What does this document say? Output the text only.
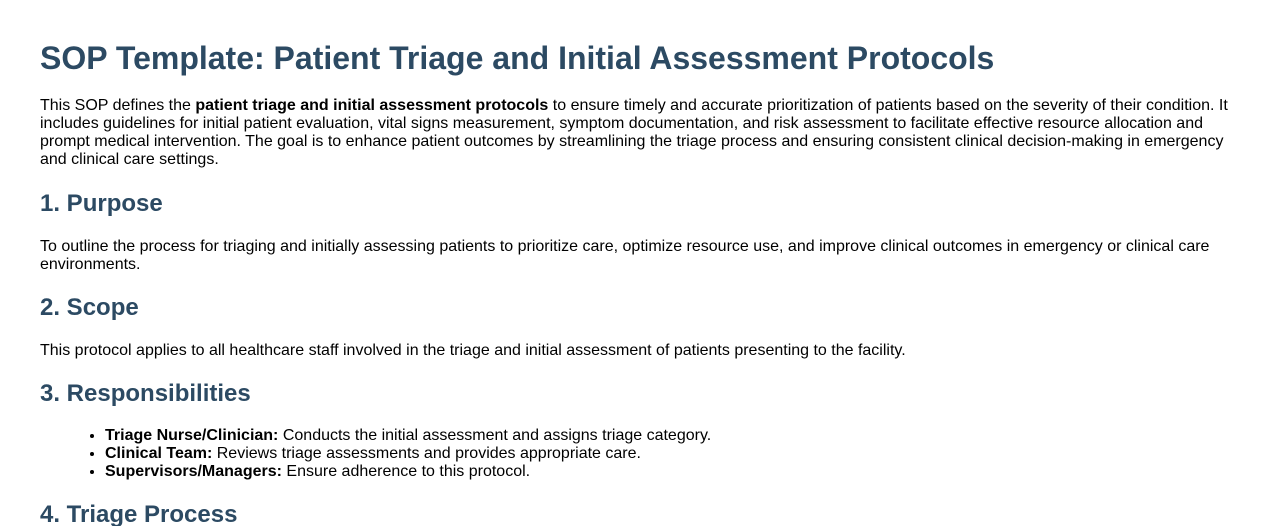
SOP Template: Patient Triage and Initial Assessment Protocols

This SOP defines the patient triage and initial assessment protocols to ensure timely and accurate prioritization of patients based on the severity of their condition. It includes guidelines for initial patient evaluation, vital signs measurement, symptom documentation, and risk assessment to facilitate effective resource allocation and prompt medical intervention. The goal is to enhance patient outcomes by streamlining the triage process and ensuring consistent clinical decision-making in emergency and clinical care settings.

1. Purpose

To outline the process for triaging and initially assessing patients to prioritize care, optimize resource use, and improve clinical outcomes in emergency or clinical care environments.

2. Scope

This protocol applies to all healthcare staff involved in the triage and initial assessment of patients presenting to the facility.

3. Responsibilities
• Triage Nurse/Clinician: Conducts the initial assessment and assigns triage category.
• Clinical Team: Reviews triage assessments and provides appropriate care.
• Supervisors/Managers: Ensure adherence to this protocol.
4. Triage Process
